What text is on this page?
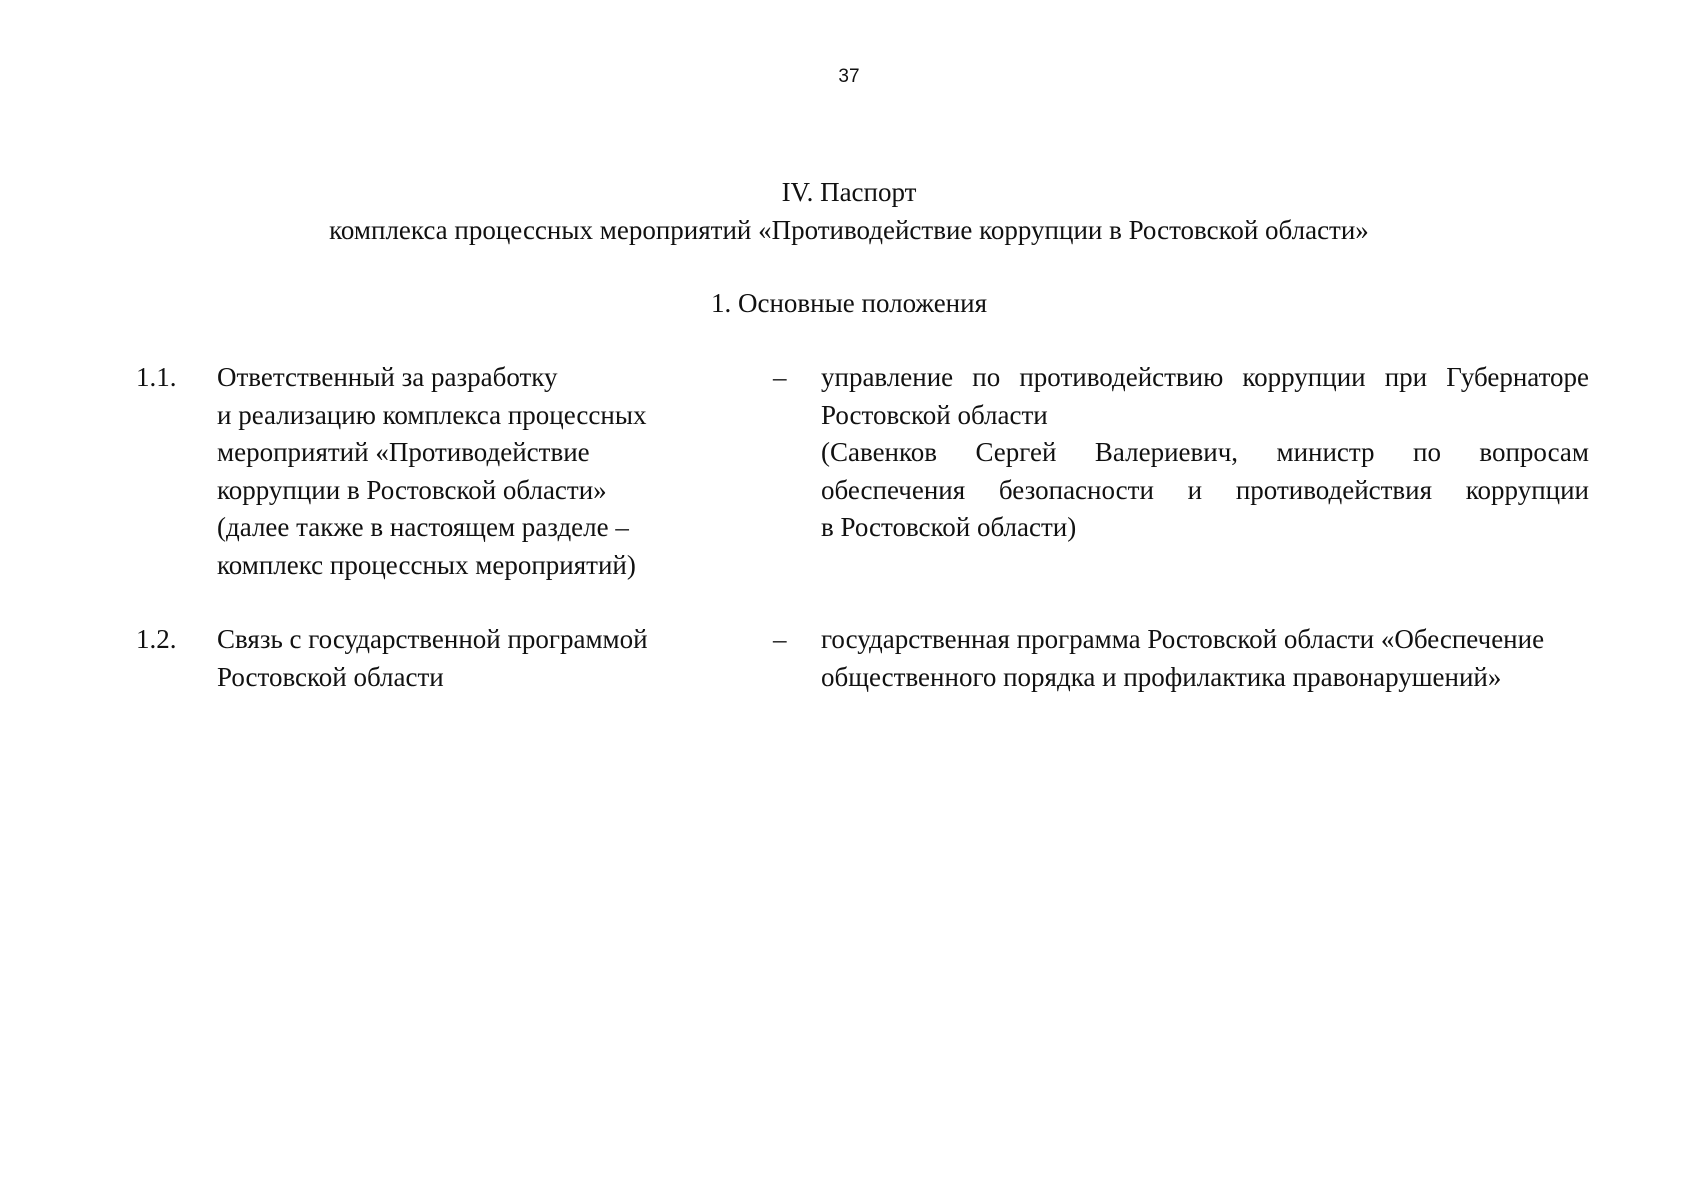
37
IV. Паспорт
комплекса процессных мероприятий «Противодействие коррупции в Ростовской области»
1. Основные положения
1.1. Ответственный за разработку
и реализацию комплекса процессных
мероприятий «Противодействие
коррупции в Ростовской области»
(далее также в настоящем разделе –
комплекс процессных мероприятий)
– управление по противодействию коррупции при Губернаторе
Ростовской области
(Савенков Сергей Валериевич, министр по вопросам
обеспечения безопасности и противодействия коррупции
в Ростовской области)
1.2. Связь с государственной программой
Ростовской области
– государственная программа Ростовской области «Обеспечение
общественного порядка и профилактика правонарушений»
